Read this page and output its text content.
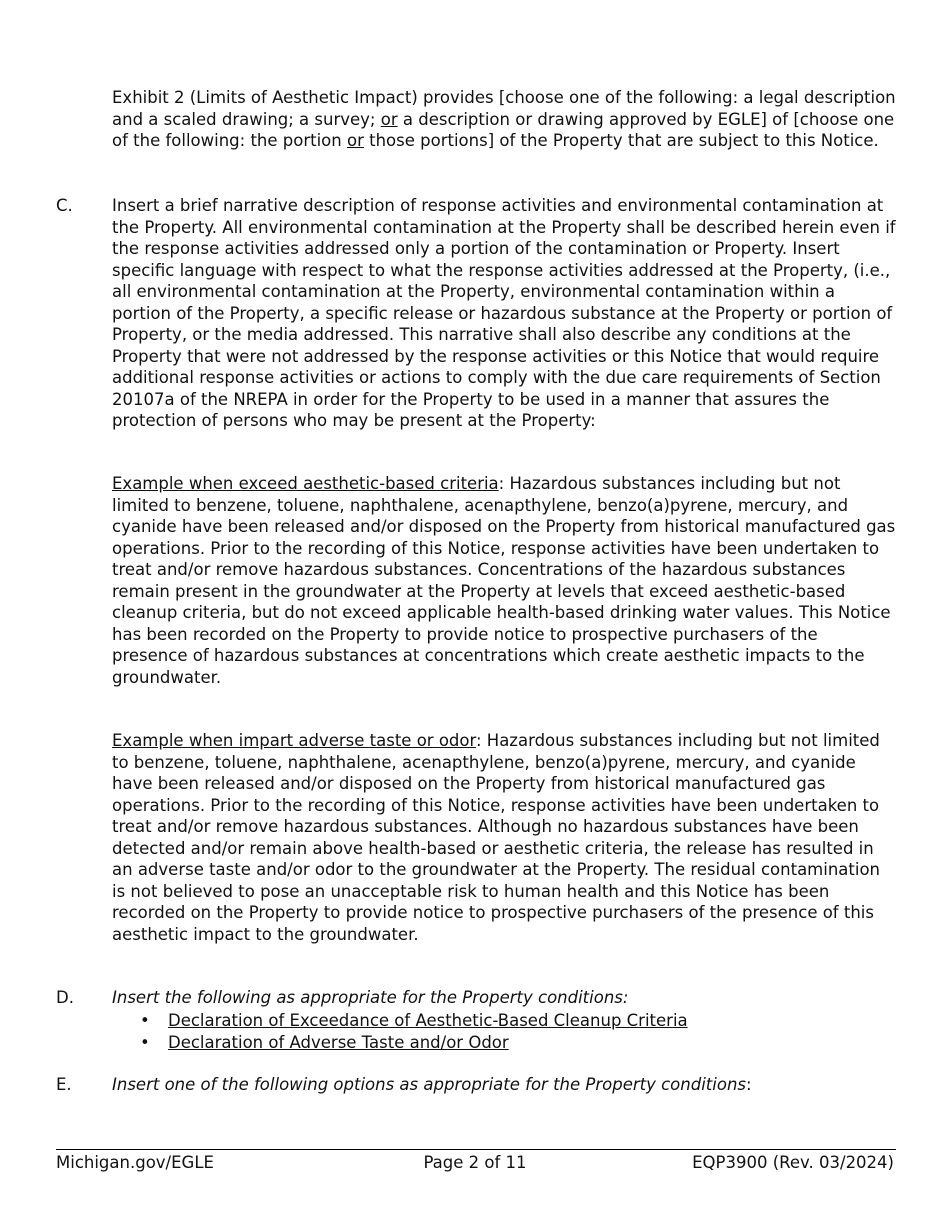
Exhibit 2 (Limits of Aesthetic Impact) provides [choose one of the following: a legal description and a scaled drawing; a survey; or a description or drawing approved by EGLE] of [choose one of the following: the portion or those portions] of the Property that are subject to this Notice.

C. Insert a brief narrative description of response activities and environmental contamination at the Property. All environmental contamination at the Property shall be described herein even if the response activities addressed only a portion of the contamination or Property. Insert specific language with respect to what the response activities addressed at the Property, (i.e., all environmental contamination at the Property, environmental contamination within a portion of the Property, a specific release or hazardous substance at the Property or portion of Property, or the media addressed. This narrative shall also describe any conditions at the Property that were not addressed by the response activities or this Notice that would require additional response activities or actions to comply with the due care requirements of Section 20107a of the NREPA in order for the Property to be used in a manner that assures the protection of persons who may be present at the Property:

Example when exceed aesthetic-based criteria: Hazardous substances including but not limited to benzene, toluene, naphthalene, acenapthylene, benzo(a)pyrene, mercury, and cyanide have been released and/or disposed on the Property from historical manufactured gas operations. Prior to the recording of this Notice, response activities have been undertaken to treat and/or remove hazardous substances. Concentrations of the hazardous substances remain present in the groundwater at the Property at levels that exceed aesthetic-based cleanup criteria, but do not exceed applicable health-based drinking water values. This Notice has been recorded on the Property to provide notice to prospective purchasers of the presence of hazardous substances at concentrations which create aesthetic impacts to the groundwater.

Example when impart adverse taste or odor: Hazardous substances including but not limited to benzene, toluene, naphthalene, acenapthylene, benzo(a)pyrene, mercury, and cyanide have been released and/or disposed on the Property from historical manufactured gas operations. Prior to the recording of this Notice, response activities have been undertaken to treat and/or remove hazardous substances. Although no hazardous substances have been detected and/or remain above health-based or aesthetic criteria, the release has resulted in an adverse taste and/or odor to the groundwater at the Property. The residual contamination is not believed to pose an unacceptable risk to human health and this Notice has been recorded on the Property to provide notice to prospective purchasers of the presence of this aesthetic impact to the groundwater.

D. Insert the following as appropriate for the Property conditions:

• Declaration of Exceedance of Aesthetic-Based Cleanup Criteria
• Declaration of Adverse Taste and/or Odor
E. Insert one of the following options as appropriate for the Property conditions:

Michigan.gov/EGLE	Page 2 of 11	EQP3900 (Rev. 03/2024)
